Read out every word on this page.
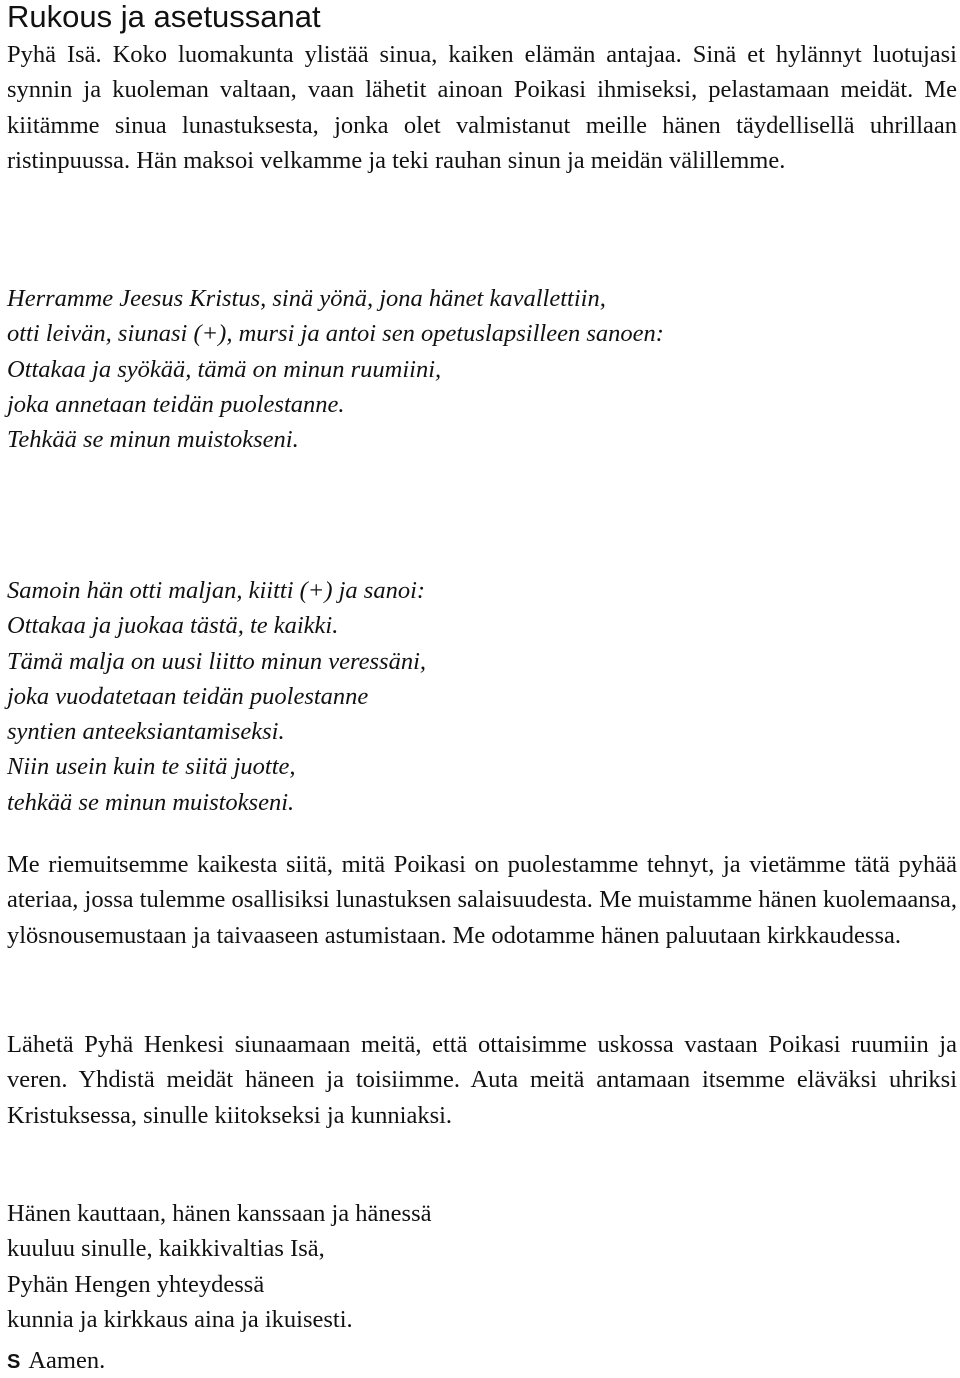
Rukous ja asetussanat

Pyhä Isä. Koko luomakunta ylistää sinua, kaiken elämän antajaa. Sinä et hylännyt luotujasi synnin ja kuoleman valtaan, vaan lähetit ainoan Poikasi ihmiseksi, pelastamaan meidät. Me kiitämme sinua lunastuksesta, jonka olet valmistanut meille hänen täydellisellä uhrillaan ristinpuussa. Hän maksoi velkamme ja teki rauhan sinun ja meidän välillemme.

Herramme Jeesus Kristus, sinä yönä, jona hänet kavallettiin,
otti leivän, siunasi (+), mursi ja antoi sen opetuslapsilleen sanoen:
Ottakaa ja syökää, tämä on minun ruumiini,
joka annetaan teidän puolestanne.
Tehkää se minun muistokseni.
Samoin hän otti maljan, kiitti (+) ja sanoi:
Ottakaa ja juokaa tästä, te kaikki.
Tämä malja on uusi liitto minun veressäni,
joka vuodatetaan teidän puolestanne
syntien anteeksiantamiseksi.
Niin usein kuin te siitä juotte,
tehkää se minun muistokseni.

Me riemuitsemme kaikesta siitä, mitä Poikasi on puolestamme tehnyt, ja vietämme tätä pyhää ateriaa, jossa tulemme osallisiksi lunastuksen salaisuudesta. Me muistamme hänen kuolemaansa, ylösnousemustaan ja taivaaseen astumistaan. Me odotamme hänen paluutaan kirkkaudessa.

Lähetä Pyhä Henkesi siunaamaan meitä, että ottaisimme uskossa vastaan Poikasi ruumiin ja veren. Yhdistä meidät häneen ja toisiimme. Auta meitä antamaan itsemme eläväksi uhriksi Kristuksessa, sinulle kiitokseksi ja kunniaksi.

Hänen kauttaan, hänen kanssaan ja hänessä
kuuluu sinulle, kaikkivaltias Isä,
Pyhän Hengen yhteydessä
kunnia ja kirkkaus aina ja ikuisesti.
S Aamen.
